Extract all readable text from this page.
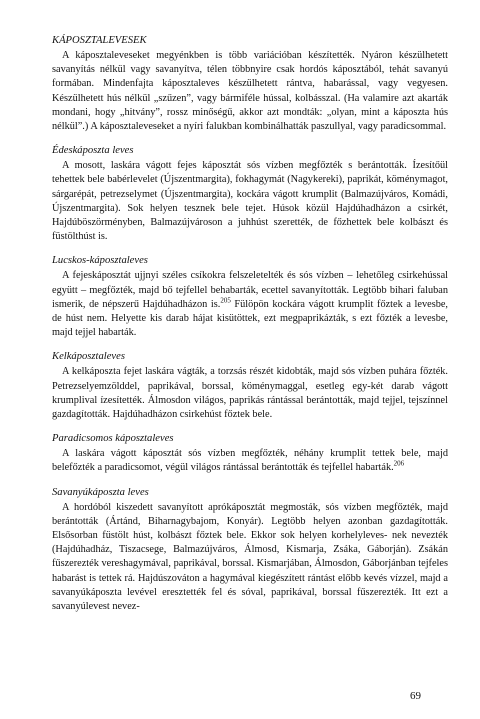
KÁPOSZTALEVESEK

A káposztaleveseket megyénkben is több variációban készítették. Nyáron készülhetett savanyítás nélkül vagy savanyítva, télen többnyire csak hordós káposztából, tehát savanyú formában. Mindenfajta káposztaleves készülhetett rántva, habarással, vagy vegyesen. Készülhetett hús nélkül „szűzen”, vagy bármiféle hússal, kolbásszal. (Ha valamire azt akarták mondani, hogy „hitvány”, rossz minőségű, akkor azt mondták: „olyan, mint a káposzta hús nélkül”.) A káposztaleveseket a nyíri falukban kombinálhatták paszullyal, vagy paradicsommal.

Édeskáposzta leves

A mosott, laskára vágott fejes káposztát sós vízben megfőzték s berántották. Ízesítőül tehettek bele babérlevelet (Újszentmargita), fokhagymát (Nagykereki), paprikát, köménymagot, sárgarépát, petrezselymet (Újszentmargita), kockára vágott krumplit (Balmazújváros, Komádi, Újszentmargita). Sok helyen tesznek bele tejet. Húsok közül Hajdúhadházon a csirkét, Hajdúböszörményben, Balmazújvároson a juhhúst szerették, de főzhettek bele kolbászt és füstölthúst is.

Lucskos-káposztaleves

A fejeskáposztát ujjnyi széles csíkokra felszeletelték és sós vízben – lehetőleg csirkehússal együtt – megfőzték, majd bő tejfellel behabarták, ecettel savanyították. Legtöbb bihari faluban ismerik, de népszerű Hajdúhadházon is.$^{205}$ Fülöpön kockára vágott krumplit főztek a levesbe, de húst nem. Helyette kis darab hájat kisütöttek, ezt megpaprikázták, s ezt főzték a levesbe, majd tejjel habarták.

Kelkáposztaleves

A kelkáposzta fejet laskára vágták, a torzsás részét kidobták, majd sós vízben puhára főzték. Petrezselyemzölddel, paprikával, borssal, köménymaggal, esetleg egy-két darab vágott krumplival ízesítették. Álmosdon világos, paprikás rántással berántották, majd tejjel, tejszínnel gazdagították. Hajdúhadházon csirkehúst főztek bele.

Paradicsomos káposztaleves

A laskára vágott káposztát sós vízben megfőzték, néhány krumplit tettek bele, majd belefőzték a paradicsomot, végül világos rántással berántották és tejfellel habarták.$^{206}$

Savanyúkáposzta leves

A hordóból kiszedett savanyított aprókáposztát megmosták, sós vízben megfőzték, majd berántották (Ártánd, Biharnagybajom, Konyár). Legtöbb helyen azonban gazdagították. Elsősorban füstölt húst, kolbászt főztek bele. Ekkor sok helyen korhelyleves- nek nevezték (Hajdúhadház, Tiszacsege, Balmazújváros, Álmosd, Kismarja, Zsáka, Gáborján). Zsákán fűszerezték vereshagymával, paprikával, borssal. Kismarjában, Álmosdon, Gáborjánban tejfeles habarást is tettek rá. Hajdúszováton a hagymával kiegészített rántást előbb kevés vízzel, majd a savanyúkáposzta levével eresztették fel és sóval, paprikával, borssal fűszerezték. Itt ezt a savanyúlevest nevez-

69
